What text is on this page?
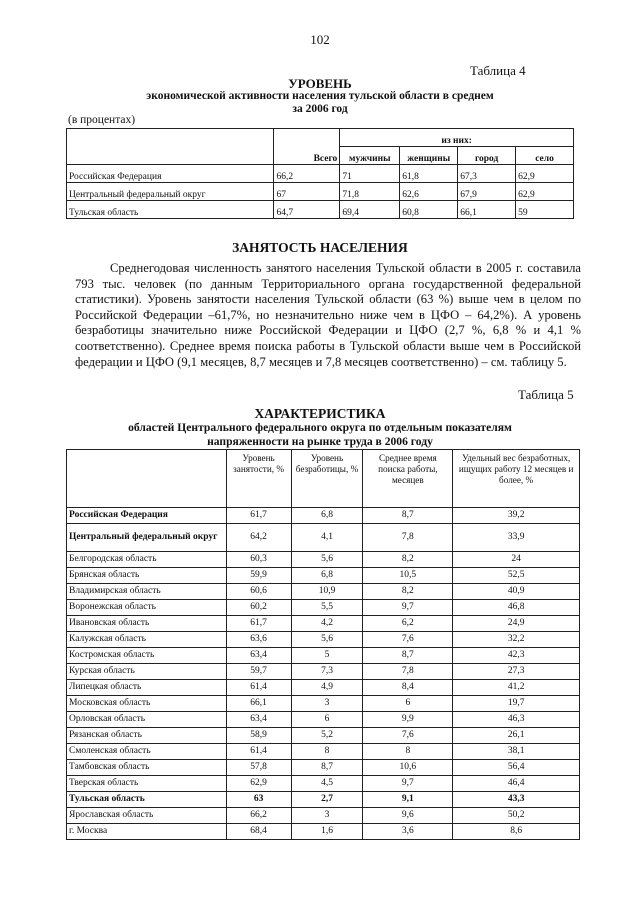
102
Таблица 4
УРОВЕНЬ
экономической активности населения тульской области в среднем
за 2006 год
(в процентах)
	Всего	из них:			
		мужчины	женщины	город	село
Российская Федерация	66,2	71	61,8	67,3	62,9
Центральный федеральный округ	67	71,8	62,6	67,9	62,9
Тульская область	64,7	69,4	60,8	66,1	59
ЗАНЯТОСТЬ НАСЕЛЕНИЯ
Среднегодовая численность занятого населения Тульской области в 2005 г. составила 793 тыс. человек (по данным Территориального органа государственной федеральной статистики). Уровень занятости населения Тульской области (63 %) выше чем в целом по Российской Федерации –61,7%, но незначительно ниже чем в ЦФО – 64,2%). А уровень безработицы значительно ниже Российской Федерации и ЦФО (2,7 %, 6,8 % и 4,1 % соответственно). Среднее время поиска работы в Тульской области выше чем в Российской федерации и ЦФО (9,1 месяцев, 8,7 месяцев и 7,8 месяцев соответственно) – см. таблицу 5.
Таблица 5
ХАРАКТЕРИСТИКА
областей Центрального федерального округа по отдельным показателям
напряженности на рынке труда в 2006 году
	Уровень занятости, %	Уровень безработицы, %	Среднее время поиска работы, месяцев	Удельный вес безработных, ищущих работу 12 месяцев и более, %
Российская Федерация	61,7	6,8	8,7	39,2
Центральный федеральный округ	64,2	4,1	7,8	33,9
Белгородская область	60,3	5,6	8,2	24
Брянская область	59,9	6,8	10,5	52,5
Владимирская область	60,6	10,9	8,2	40,9
Воронежская область	60,2	5,5	9,7	46,8
Ивановская область	61,7	4,2	6,2	24,9
Калужская область	63,6	5,6	7,6	32,2
Костромская область	63,4	5	8,7	42,3
Курская область	59,7	7,3	7,8	27,3
Липецкая область	61,4	4,9	8,4	41,2
Московская область	66,1	3	6	19,7
Орловская область	63,4	6	9,9	46,3
Рязанская область	58,9	5,2	7,6	26,1
Смоленская область	61,4	8	8	38,1
Тамбовская область	57,8	8,7	10,6	56,4
Тверская область	62,9	4,5	9,7	46,4
Тульская область	63	2,7	9,1	43,3
Ярославская область	66,2	3	9,6	50,2
г. Москва	68,4	1,6	3,6	8,6
